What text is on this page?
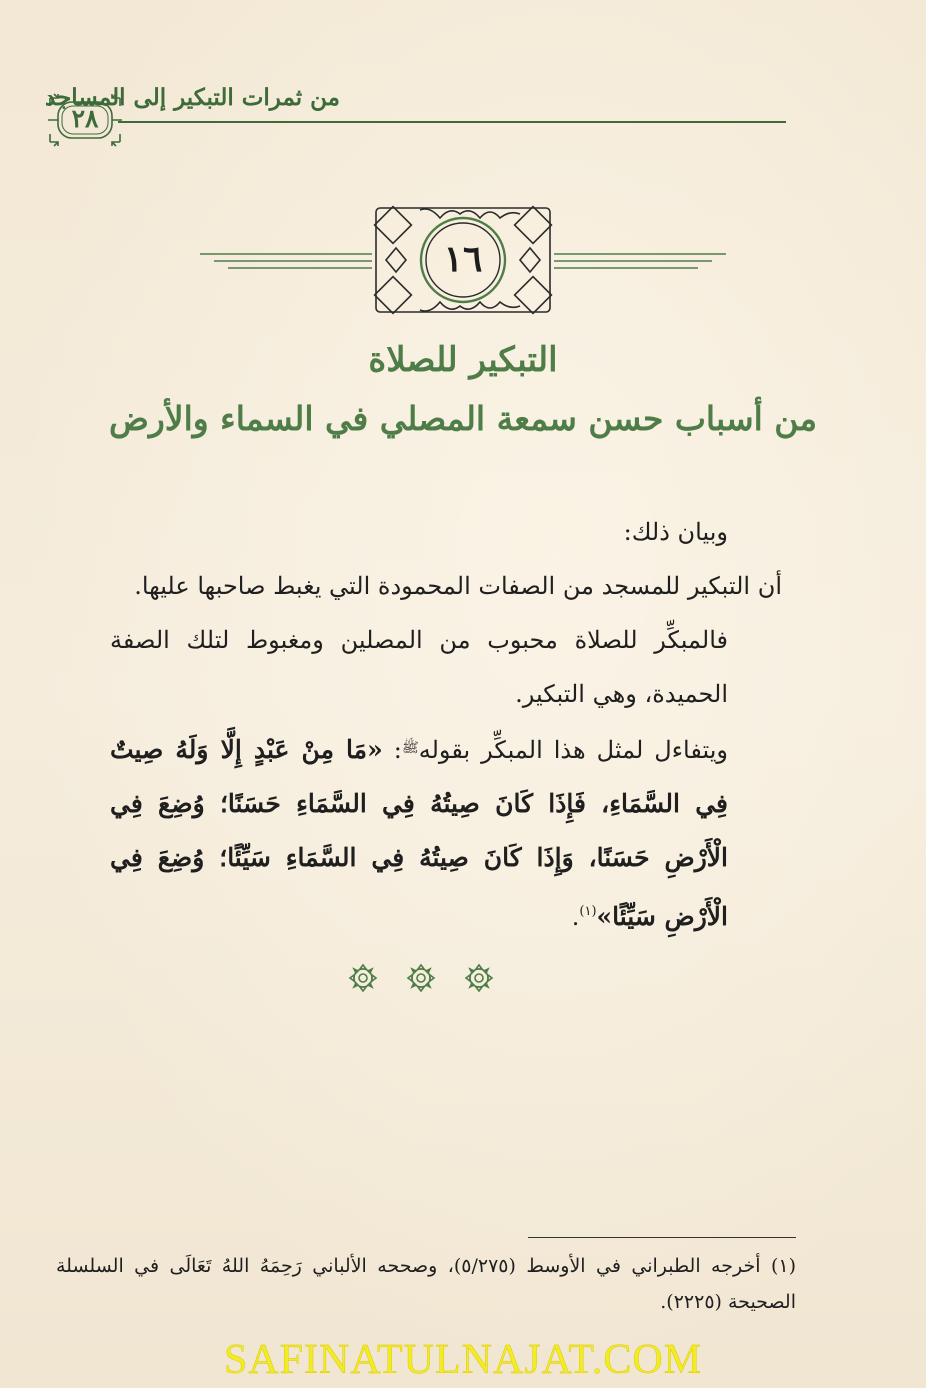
من ثمرات التبكير إلى المساجد
٢٨
١٦
التبكير للصلاة
من أسباب حسن سمعة المصلي في السماء والأرض

وبيان ذلك:

أن التبكير للمسجد من الصفات المحمودة التي يغبط صاحبها عليها.

فالمبكِّر للصلاة محبوب من المصلين ومغبوط لتلك الصفة الحميدة، وهي التبكير.

ويتفاءل لمثل هذا المبكِّر بقوله$^ﷺ$: «مَا مِنْ عَبْدٍ إِلَّا وَلَهُ صِيتٌ فِي السَّمَاءِ، فَإِذَا كَانَ صِيتُهُ فِي السَّمَاءِ حَسَنًا؛ وُضِعَ فِي الْأَرْضِ حَسَنًا، وَإِذَا كَانَ صِيتُهُ فِي السَّمَاءِ سَيِّئًا؛ وُضِعَ فِي الْأَرْضِ سَيِّئًا»$^{(١)}$.

(١) أخرجه الطبراني في الأوسط (٥/٢٧٥)، وصححه الألباني رَحِمَهُ اللهُ تَعَالَى في السلسلة الصحيحة (٢٢٢٥).
SAFINATULNAJAT.COM
